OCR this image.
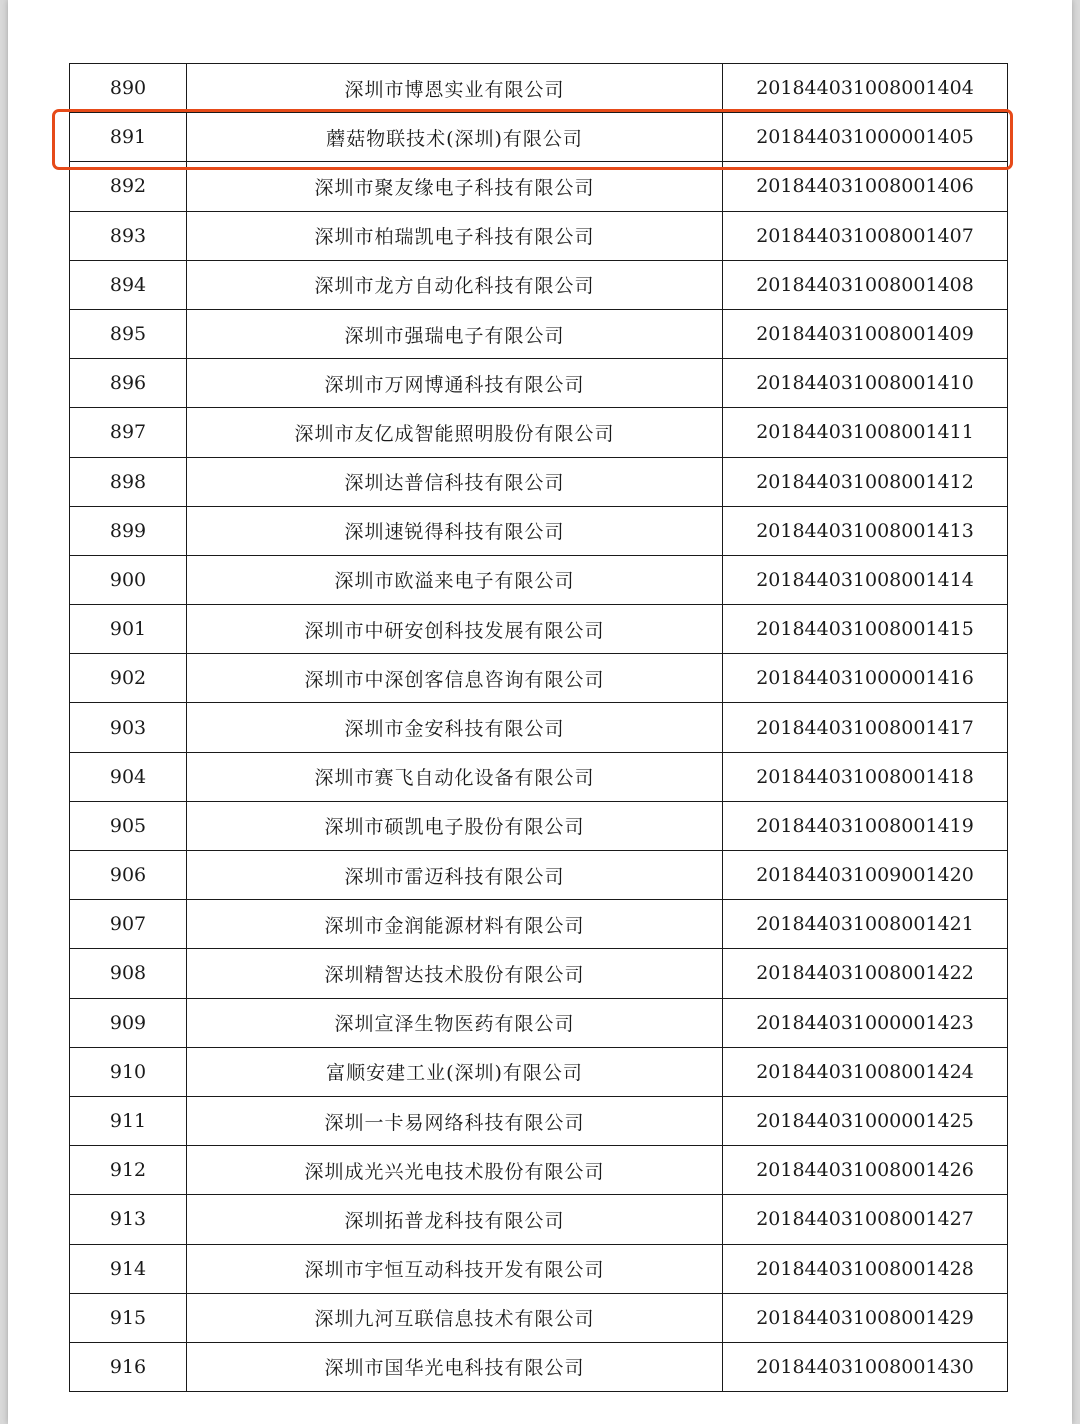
890	深圳市博恩实业有限公司	201844031008001404
891	蘑菇物联技术(深圳)有限公司	201844031000001405
892	深圳市聚友缘电子科技有限公司	201844031008001406
893	深圳市柏瑞凯电子科技有限公司	201844031008001407
894	深圳市龙方自动化科技有限公司	201844031008001408
895	深圳市强瑞电子有限公司	201844031008001409
896	深圳市万网博通科技有限公司	201844031008001410
897	深圳市友亿成智能照明股份有限公司	201844031008001411
898	深圳达普信科技有限公司	201844031008001412
899	深圳速锐得科技有限公司	201844031008001413
900	深圳市欧溢来电子有限公司	201844031008001414
901	深圳市中研安创科技发展有限公司	201844031008001415
902	深圳市中深创客信息咨询有限公司	201844031000001416
903	深圳市金安科技有限公司	201844031008001417
904	深圳市赛飞自动化设备有限公司	201844031008001418
905	深圳市硕凯电子股份有限公司	201844031008001419
906	深圳市雷迈科技有限公司	201844031009001420
907	深圳市金润能源材料有限公司	201844031008001421
908	深圳精智达技术股份有限公司	201844031008001422
909	深圳宣泽生物医药有限公司	201844031000001423
910	富顺安建工业(深圳)有限公司	201844031008001424
911	深圳一卡易网络科技有限公司	201844031000001425
912	深圳成光兴光电技术股份有限公司	201844031008001426
913	深圳拓普龙科技有限公司	201844031008001427
914	深圳市宇恒互动科技开发有限公司	201844031008001428
915	深圳九河互联信息技术有限公司	201844031008001429
916	深圳市国华光电科技有限公司	201844031008001430
